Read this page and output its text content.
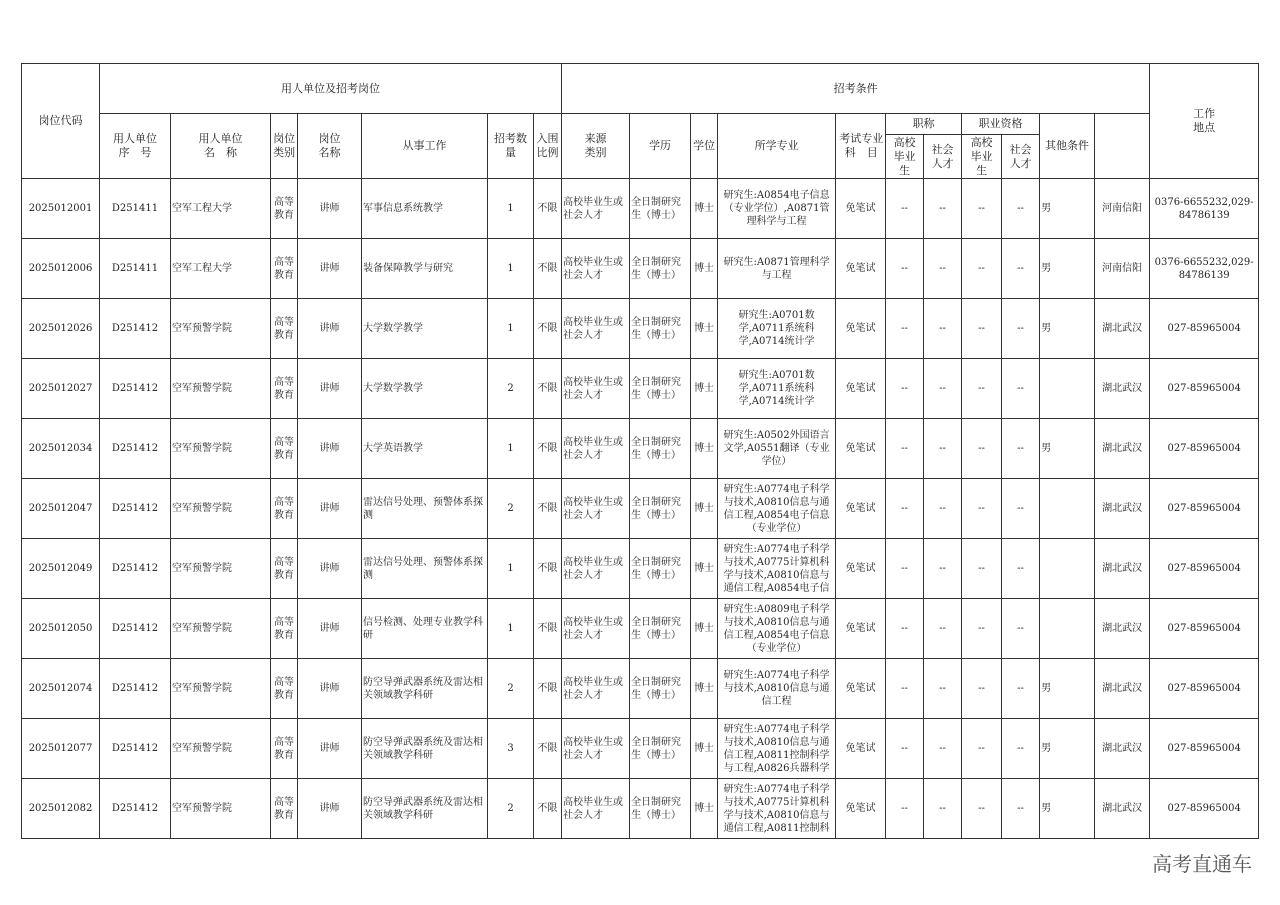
岗位代码	用人单位及招考岗位							招考条件											工作地点

	用人单位序　号	用人单位名　称	岗位类别	岗位名称	从事工作	招考数量	入围比例	来源类别	学历	学位	所学专业	考试专业科　目	职称		职业资格		其他条件			

													高校毕业生	社会人才	高校毕业生	社会人才				

2025012001	D251411	空军工程大学	高等教育	讲师	军事信息系统教学	1	不限	高校毕业生或社会人才	全日制研究生（博士）	博士	研究生:A0854电子信息（专业学位）,A0871管理科学与工程	免笔试	--	--	--	--	男	河南信阳	0376-6655232,029-84786139	

2025012006	D251411	空军工程大学	高等教育	讲师	装备保障教学与研究	1	不限	高校毕业生或社会人才	全日制研究生（博士）	博士	研究生:A0871管理科学与工程	免笔试	--	--	--	--	男	河南信阳	0376-6655232,029-84786139	

2025012026	D251412	空军预警学院	高等教育	讲师	大学数学教学	1	不限	高校毕业生或社会人才	全日制研究生（博士）	博士	研究生:A0701数学,A0711系统科学,A0714统计学	免笔试	--	--	--	--	男	湖北武汉	027-85965004	

2025012027	D251412	空军预警学院	高等教育	讲师	大学数学教学	2	不限	高校毕业生或社会人才	全日制研究生（博士）	博士	研究生:A0701数学,A0711系统科学,A0714统计学	免笔试	--	--	--	--		湖北武汉	027-85965004	

2025012034	D251412	空军预警学院	高等教育	讲师	大学英语教学	1	不限	高校毕业生或社会人才	全日制研究生（博士）	博士	研究生:A0502外国语言文学,A0551翻译（专业学位）	免笔试	--	--	--	--	男	湖北武汉	027-85965004	

2025012047	D251412	空军预警学院	高等教育	讲师	雷达信号处理、预警体系探测	2	不限	高校毕业生或社会人才	全日制研究生（博士）	博士	研究生:A0774电子科学与技术,A0810信息与通信工程,A0854电子信息（专业学位）	免笔试	--	--	--	--		湖北武汉	027-85965004	

2025012049	D251412	空军预警学院	高等教育	讲师	雷达信号处理、预警体系探测	1	不限	高校毕业生或社会人才	全日制研究生（博士）	博士	研究生:A0774电子科学与技术,A0775计算机科学与技术,A0810信息与通信工程,A0854电子信	免笔试	--	--	--	--		湖北武汉	027-85965004	

2025012050	D251412	空军预警学院	高等教育	讲师	信号检测、处理专业教学科研	1	不限	高校毕业生或社会人才	全日制研究生（博士）	博士	研究生:A0809电子科学与技术,A0810信息与通信工程,A0854电子信息（专业学位）	免笔试	--	--	--	--		湖北武汉	027-85965004	

2025012074	D251412	空军预警学院	高等教育	讲师	防空导弹武器系统及雷达相关领域教学科研	2	不限	高校毕业生或社会人才	全日制研究生（博士）	博士	研究生:A0774电子科学与技术,A0810信息与通信工程	免笔试	--	--	--	--	男	湖北武汉	027-85965004	

2025012077	D251412	空军预警学院	高等教育	讲师	防空导弹武器系统及雷达相关领域教学科研	3	不限	高校毕业生或社会人才	全日制研究生（博士）	博士	研究生:A0774电子科学与技术,A0810信息与通信工程,A0811控制科学与工程,A0826兵器科学	免笔试	--	--	--	--	男	湖北武汉	027-85965004	

2025012082	D251412	空军预警学院	高等教育	讲师	防空导弹武器系统及雷达相关领域教学科研	2	不限	高校毕业生或社会人才	全日制研究生（博士）	博士	研究生:A0774电子科学与技术,A0775计算机科学与技术,A0810信息与通信工程,A0811控制科	免笔试	--	--	--	--	男	湖北武汉	027-85965004	
高考直通车
